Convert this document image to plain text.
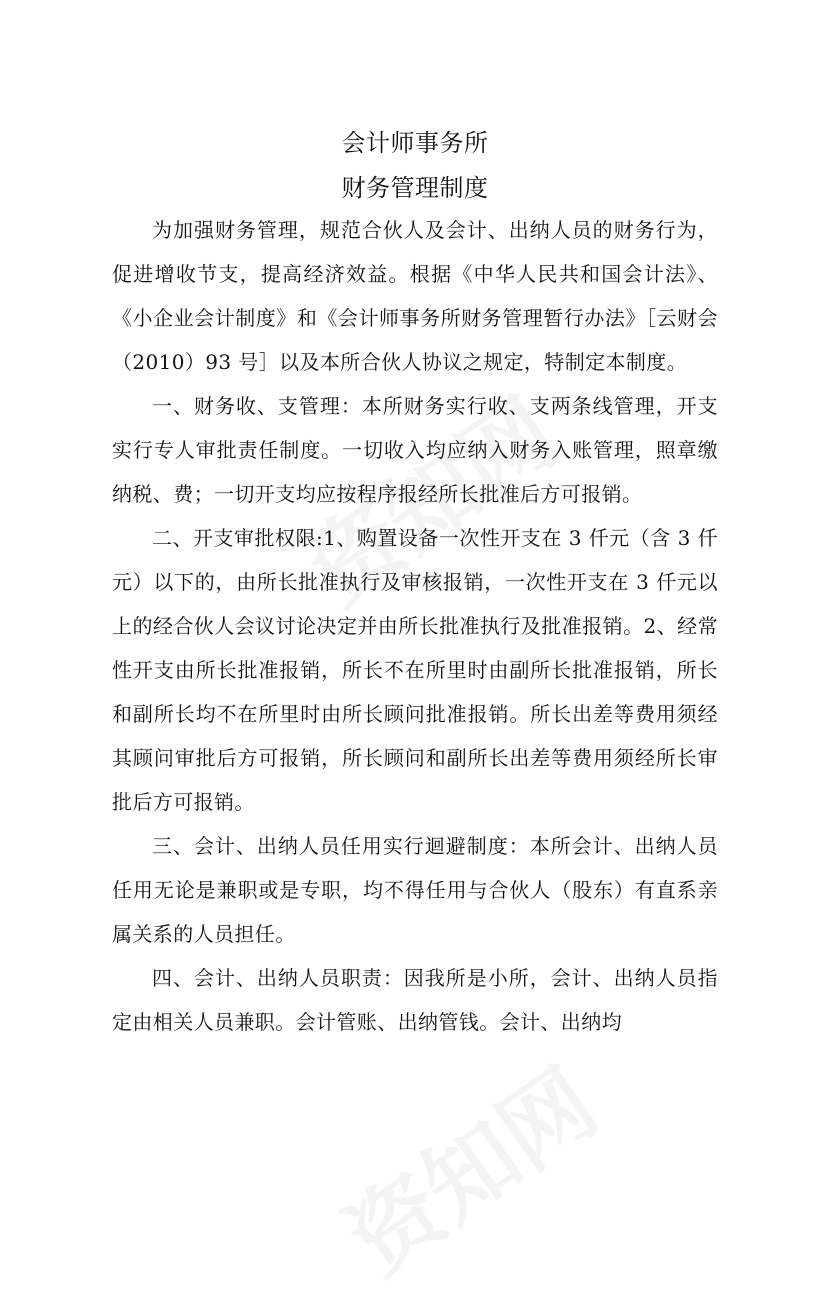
会计师事务所
财务管理制度

为加强财务管理，规范合伙人及会计、出纳人员的财务行为，促进增收节支，提高经济效益。根据《中华人民共和国会计法》、《小企业会计制度》和《会计师事务所财务管理暂行办法》［云财会（2010）93 号］以及本所合伙人协议之规定，特制定本制度。

一、财务收、支管理：本所财务实行收、支两条线管理，开支实行专人审批责任制度。一切收入均应纳入财务入账管理，照章缴纳税、费；一切开支均应按程序报经所长批准后方可报销。

二、开支审批权限:1、购置设备一次性开支在 3 仟元（含 3 仟元）以下的，由所长批准执行及审核报销，一次性开支在 3 仟元以上的经合伙人会议讨论决定并由所长批准执行及批准报销。2、经常性开支由所长批准报销，所长不在所里时由副所长批准报销，所长和副所长均不在所里时由所长顾问批准报销。所长出差等费用须经其顾问审批后方可报销，所长顾问和副所长出差等费用须经所长审批后方可报销。

三、会计、出纳人员任用实行迴避制度：本所会计、出纳人员任用无论是兼职或是专职，均不得任用与合伙人（股东）有直系亲属关系的人员担任。

四、会计、出纳人员职责：因我所是小所，会计、出纳人员指定由相关人员兼职。会计管账、出纳管钱。会计、出纳均
